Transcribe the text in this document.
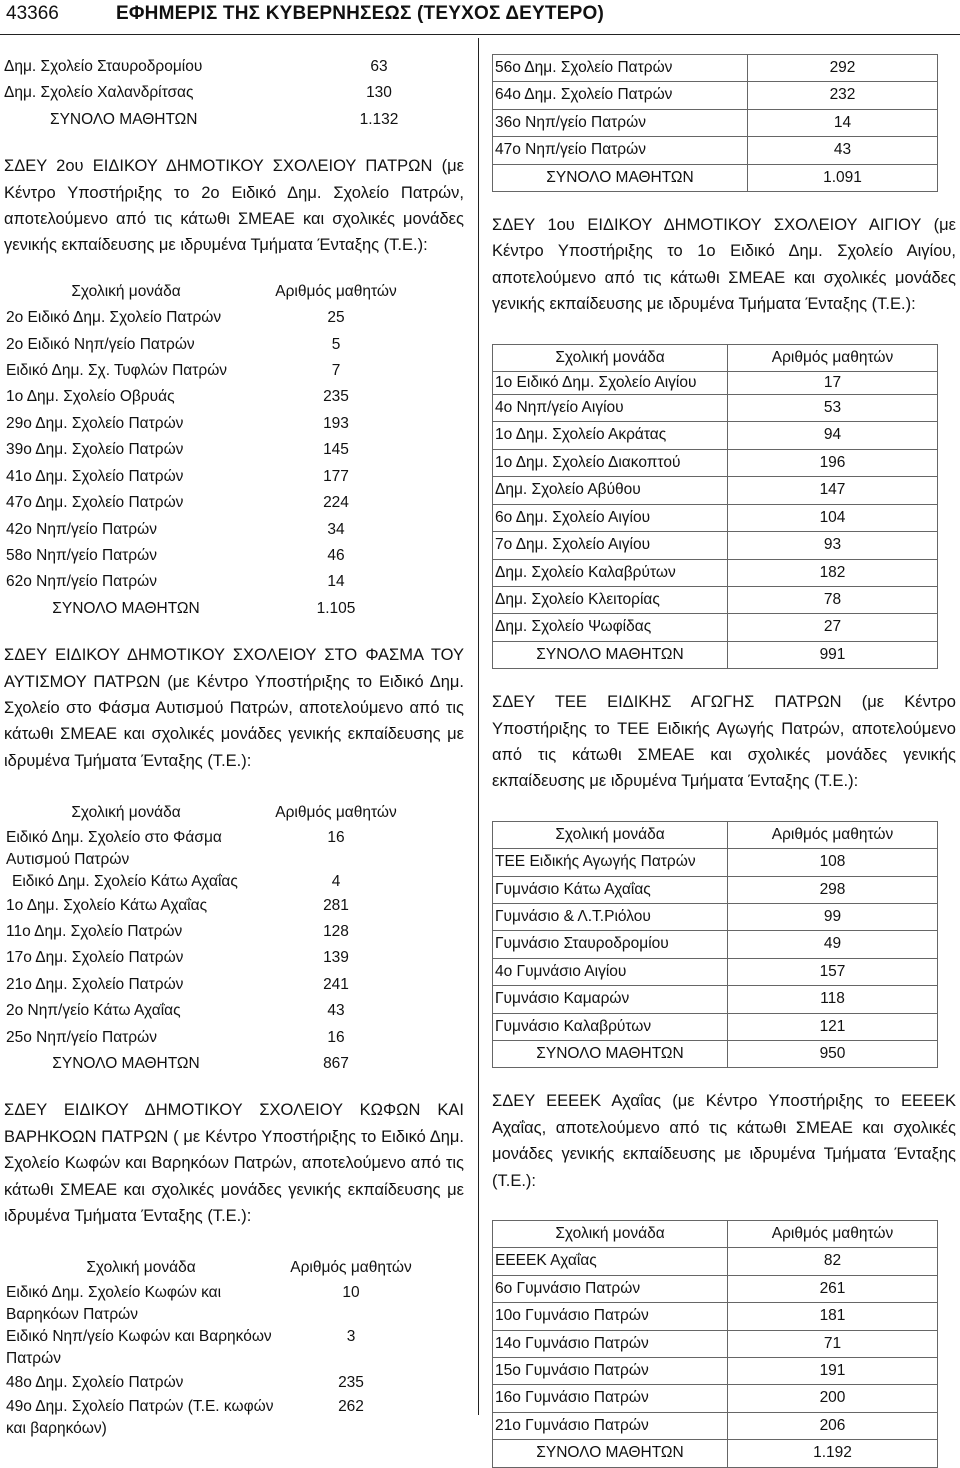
43366	ΕΦΗΜΕΡΙΣ ΤΗΣ ΚΥΒΕΡΝΗΣΕΩΣ (ΤΕΥΧΟΣ ΔΕΥΤΕΡΟ)
Δημ. Σχολείο Σταυροδρομίου	63
Δημ. Σχολείο Χαλανδρίτσας	130
ΣΥΝΟΛΟ ΜΑΘΗΤΩΝ	1.132

ΣΔΕΥ 2ου ΕΙΔΙΚΟΥ ΔΗΜΟΤΙΚΟΥ ΣΧΟΛΕΙΟΥ ΠΑΤΡΩΝ (με Κέντρο Υποστήριξης το 2ο Ειδικό Δημ. Σχολείο Πατρών, αποτελούμενο από τις κάτωθι ΣΜΕΑΕ και σχολικές μονάδες γενικής εκπαίδευσης με ιδρυμένα Τμήματα Ένταξης (Τ.Ε.):

Σχολική μονάδα	Αριθμός μαθητών
2ο Ειδικό Δημ. Σχολείο Πατρών	25
2ο Ειδικό Νηπ/γείο Πατρών	5
Ειδικό Δημ. Σχ. Τυφλών Πατρών	7
1ο Δημ. Σχολείο Οβρυάς	235
29ο Δημ. Σχολείο Πατρών	193
39ο Δημ. Σχολείο Πατρών	145
41ο Δημ. Σχολείο Πατρών	177
47ο Δημ. Σχολείο Πατρών	224
42ο Νηπ/γείο Πατρών	34
58ο Νηπ/γείο Πατρών	46
62ο Νηπ/γείο Πατρών	14
ΣΥΝΟΛΟ ΜΑΘΗΤΩΝ	1.105

ΣΔΕΥ ΕΙΔΙΚΟΥ ΔΗΜΟΤΙΚΟΥ ΣΧΟΛΕΙΟΥ ΣΤΟ ΦΑΣΜΑ ΤΟΥ ΑΥΤΙΣΜΟΥ ΠΑΤΡΩΝ (με Κέντρο Υποστήριξης το Ειδικό Δημ. Σχολείο στο Φάσμα Αυτισμού Πατρών, αποτελούμενο από τις κάτωθι ΣΜΕΑΕ και σχολικές μονάδες γενικής εκπαίδευσης με ιδρυμένα Τμήματα Ένταξης (Τ.Ε.):

Σχολική μονάδα	Αριθμός μαθητών
Ειδικό Δημ. Σχολείο στο Φάσμα Αυτισμού Πατρών	16
Ειδικό Δημ. Σχολείο Κάτω Αχαΐας	4
1ο Δημ. Σχολείο Κάτω Αχαΐας	281
11ο Δημ. Σχολείο Πατρών	128
17ο Δημ. Σχολείο Πατρών	139
21ο Δημ. Σχολείο Πατρών	241
2ο Νηπ/γείο Κάτω Αχαΐας	43
25ο Νηπ/γείο Πατρών	16
ΣΥΝΟΛΟ ΜΑΘΗΤΩΝ	867

ΣΔΕΥ ΕΙΔΙΚΟΥ ΔΗΜΟΤΙΚΟΥ ΣΧΟΛΕΙΟΥ ΚΩΦΩΝ ΚΑΙ ΒΑΡΗΚΟΩΝ ΠΑΤΡΩΝ ( με Κέντρο Υποστήριξης το Ειδικό Δημ. Σχολείο Κωφών και Βαρηκόων Πατρών, αποτελούμενο από τις κάτωθι ΣΜΕΑΕ και σχολικές μονάδες γενικής εκπαίδευσης με ιδρυμένα Τμήματα Ένταξης (Τ.Ε.):

Σχολική μονάδα	Αριθμός μαθητών
Ειδικό Δημ. Σχολείο Κωφών και Βαρηκόων Πατρών	10
Ειδικό Νηπ/γείο Κωφών και Βαρηκόων Πατρών	3
48ο Δημ. Σχολείο Πατρών	235
49ο Δημ. Σχολείο Πατρών (Τ.Ε. κωφών και βαρηκόων)	262
56ο Δημ. Σχολείο Πατρών	292
64ο Δημ. Σχολείο Πατρών	232
36ο Νηπ/γείο Πατρών	14
47ο Νηπ/γείο Πατρών	43
ΣΥΝΟΛΟ ΜΑΘΗΤΩΝ	1.091

ΣΔΕΥ 1ου ΕΙΔΙΚΟΥ ΔΗΜΟΤΙΚΟΥ ΣΧΟΛΕΙΟΥ ΑΙΓΙΟΥ (με Κέντρο Υποστήριξης το 1ο Ειδικό Δημ. Σχολείο Αιγίου, αποτελούμενο από τις κάτωθι ΣΜΕΑΕ και σχολικές μονάδες γενικής εκπαίδευσης με ιδρυμένα Τμήματα Ένταξης (Τ.Ε.):

Σχολική μονάδα	Αριθμός μαθητών
1ο Ειδικό Δημ. Σχολείο Αιγίου	17
4ο Νηπ/γείο Αιγίου	53
1ο Δημ. Σχολείο Ακράτας	94
1ο Δημ. Σχολείο Διακοπτού	196
Δημ. Σχολείο Αβύθου	147
6ο Δημ. Σχολείο Αιγίου	104
7ο Δημ. Σχολείο Αιγίου	93
Δημ. Σχολείο Καλαβρύτων	182
Δημ. Σχολείο Κλειτορίας	78
Δημ. Σχολείο Ψωφίδας	27
ΣΥΝΟΛΟ ΜΑΘΗΤΩΝ	991

ΣΔΕΥ ΤΕΕ ΕΙΔΙΚΗΣ ΑΓΩΓΗΣ ΠΑΤΡΩΝ (με Κέντρο Υποστήριξης το ΤΕΕ Ειδικής Αγωγής Πατρών, αποτελούμενο από τις κάτωθι ΣΜΕΑΕ και σχολικές μονάδες γενικής εκπαίδευσης με ιδρυμένα Τμήματα Ένταξης (Τ.Ε.):

Σχολική μονάδα	Αριθμός μαθητών
ΤΕΕ Ειδικής Αγωγής Πατρών	108
Γυμνάσιο Κάτω Αχαΐας	298
Γυμνάσιο & Λ.Τ.Ριόλου	99
Γυμνάσιο Σταυροδρομίου	49
4ο Γυμνάσιο Αιγίου	157
Γυμνάσιο Καμαρών	118
Γυμνάσιο Καλαβρύτων	121
ΣΥΝΟΛΟ ΜΑΘΗΤΩΝ	950

ΣΔΕΥ ΕΕΕΕΚ Αχαΐας (με Κέντρο Υποστήριξης το ΕΕΕΕΚ Αχαΐας, αποτελούμενο από τις κάτωθι ΣΜΕΑΕ και σχολικές μονάδες γενικής εκπαίδευσης με ιδρυμένα Τμήματα Ένταξης (Τ.Ε.):

Σχολική μονάδα	Αριθμός μαθητών
ΕΕΕΕΚ Αχαΐας	82
6ο Γυμνάσιο Πατρών	261
10ο Γυμνάσιο Πατρών	181
14ο Γυμνάσιο Πατρών	71
15ο Γυμνάσιο Πατρών	191
16ο Γυμνάσιο Πατρών	200
21ο Γυμνάσιο Πατρών	206
ΣΥΝΟΛΟ ΜΑΘΗΤΩΝ	1.192
